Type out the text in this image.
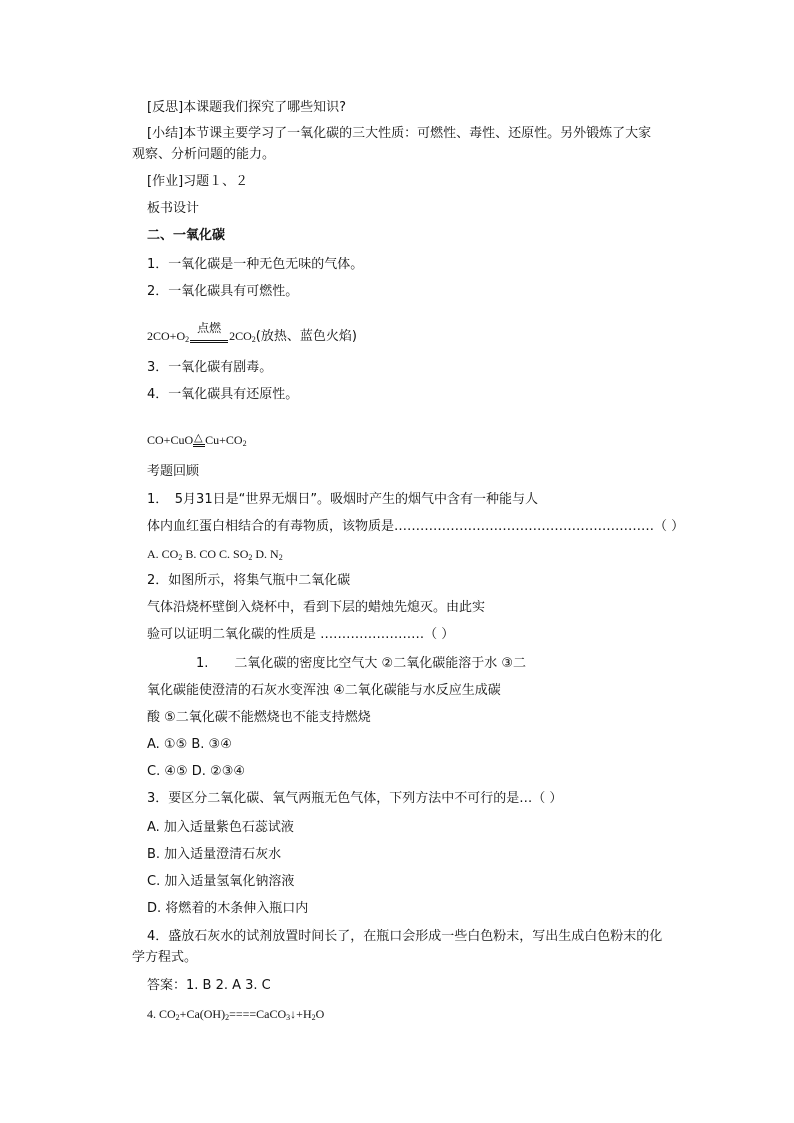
[反思]本课题我们探究了哪些知识?
[小结]本节课主要学习了一氧化碳的三大性质：可燃性、毒性、还原性。另外锻炼了大家
观察、分析问题的能力。
[作业]习题１、２
板书设计
二、一氧化碳
1．一氧化碳是一种无色无味的气体。
2．一氧化碳具有可燃性。
$2CO+O_2$
点燃
$2CO_2$(放热、蓝色火焰)
3．一氧化碳有剧毒。
4．一氧化碳具有还原性。
CO+CuO △ $Cu+CO_2$
考题回顾
1．　5月31日是“世界无烟日”。吸烟时产生的烟气中含有一种能与人
体内血红蛋白相结合的有毒物质，该物质是……………………………………………………（ ）
A. $CO_2$ B. CO C. $SO_2$ D. $N_2$
2．如图所示，将集气瓶中二氧化碳
气体沿烧杯壁倒入烧杯中，看到下层的蜡烛先熄灭。由此实
验可以证明二氧化碳的性质是 ……………………（ ）
1.　　二氧化碳的密度比空气大 ②二氧化碳能溶于水 ③二
氧化碳能使澄清的石灰水变浑浊 ④二氧化碳能与水反应生成碳
酸 ⑤二氧化碳不能燃烧也不能支持燃烧
A. ①⑤ B. ③④
C. ④⑤ D. ②③④
3．要区分二氧化碳、氧气两瓶无色气体，下列方法中不可行的是…（ ）
A. 加入适量紫色石蕊试液
B. 加入适量澄清石灰水
C. 加入适量氢氧化钠溶液
D. 将燃着的木条伸入瓶口内
4．盛放石灰水的试剂放置时间长了，在瓶口会形成一些白色粉末，写出生成白色粉末的化
学方程式。
答案：1. B 2. A 3. C
4. $CO_2+Ca(OH)_2====CaCO_3↓+H_2O$
